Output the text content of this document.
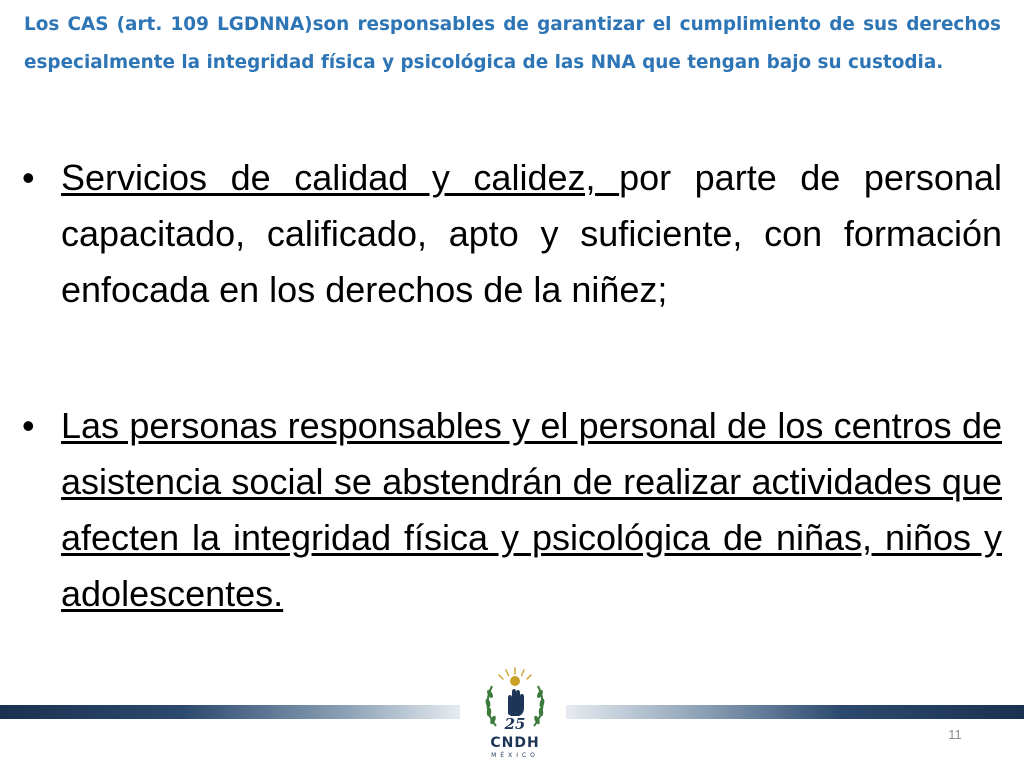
Los CAS (art. 109 LGDNNA)son responsables de garantizar el cumplimiento de sus derechos especialmente la integridad física y psicológica de las NNA que tengan bajo su custodia.
• Servicios de calidad y calidez, por parte de personal capacitado, calificado, apto y suficiente, con formación enfocada en los derechos de la niñez;

• Las personas responsables y el personal de los centros de asistencia social se abstendrán de realizar actividades que afecten la integridad física y psicológica de niñas, niños y adolescentes.

25
CNDH
MÉXICO
11
